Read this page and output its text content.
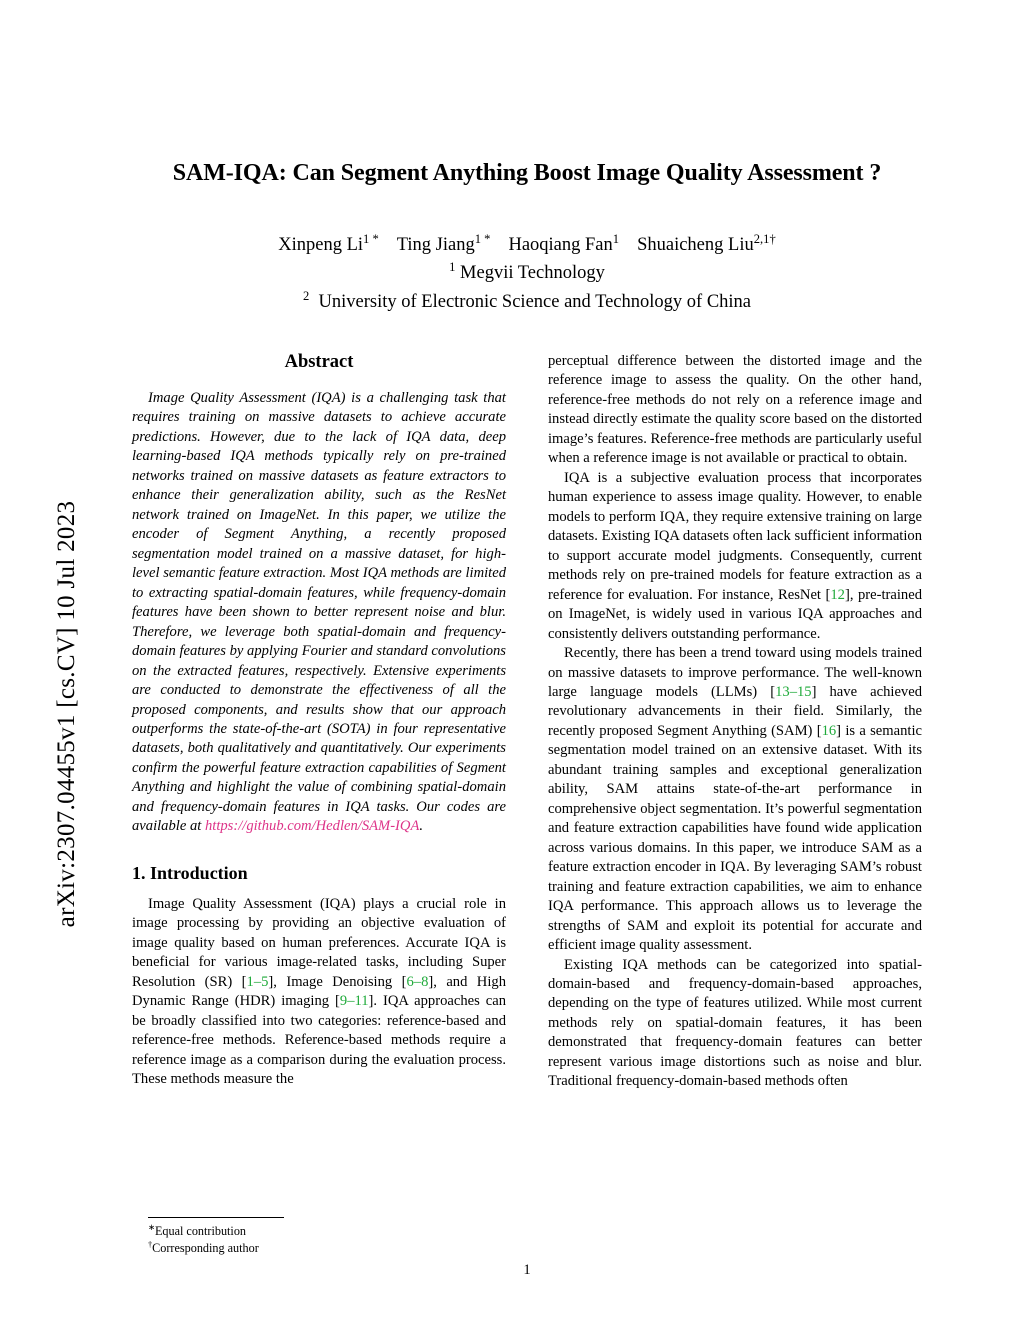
arXiv:2307.04455v1 [cs.CV] 10 Jul 2023
SAM-IQA: Can Segment Anything Boost Image Quality Assessment ?
Xinpeng $Li^{1 *}$ Ting Jiang$^{1 *}$ Haoqiang Fan$^1$ Shuaicheng Liu$^{2,1\dagger}$
$^1$ Megvii Technology
$^2$ University of Electronic Science and Technology of China
Abstract

Image Quality Assessment (IQA) is a challenging task that requires training on massive datasets to achieve accurate predictions. However, due to the lack of IQA data, deep learning-based IQA methods typically rely on pre-trained networks trained on massive datasets as feature extractors to enhance their generalization ability, such as the ResNet network trained on ImageNet. In this paper, we utilize the encoder of Segment Anything, a recently proposed segmentation model trained on a massive dataset, for high-level semantic feature extraction. Most IQA methods are limited to extracting spatial-domain features, while frequency-domain features have been shown to better represent noise and blur. Therefore, we leverage both spatial-domain and frequency-domain features by applying Fourier and standard convolutions on the extracted features, respectively. Extensive experiments are conducted to demonstrate the effectiveness of all the proposed components, and results show that our approach outperforms the state-of-the-art (SOTA) in four representative datasets, both qualitatively and quantitatively. Our experiments confirm the powerful feature extraction capabilities of Segment Anything and highlight the value of combining spatial-domain and frequency-domain features in IQA tasks. Our codes are available at https://github.com/Hedlen/SAM-IQA.

1. Introduction

Image Quality Assessment (IQA) plays a crucial role in image processing by providing an objective evaluation of image quality based on human preferences. Accurate IQA is beneficial for various image-related tasks, including Super Resolution (SR) [1–5], Image Denoising [6–8], and High Dynamic Range (HDR) imaging [9–11]. IQA approaches can be broadly classified into two categories: reference-based and reference-free methods. Reference-based methods require a reference image as a comparison during the evaluation process. These methods measure the

∗Equal contribution
†Corresponding author

perceptual difference between the distorted image and the reference image to assess the quality. On the other hand, reference-free methods do not rely on a reference image and instead directly estimate the quality score based on the distorted image’s features. Reference-free methods are particularly useful when a reference image is not available or practical to obtain.

IQA is a subjective evaluation process that incorporates human experience to assess image quality. However, to enable models to perform IQA, they require extensive training on large datasets. Existing IQA datasets often lack sufficient information to support accurate model judgments. Consequently, current methods rely on pre-trained models for feature extraction as a reference for evaluation. For instance, ResNet [12], pre-trained on ImageNet, is widely used in various IQA approaches and consistently delivers outstanding performance.

Recently, there has been a trend toward using models trained on massive datasets to improve performance. The well-known large language models (LLMs) [13–15] have achieved revolutionary advancements in their field. Similarly, the recently proposed Segment Anything (SAM) [16] is a semantic segmentation model trained on an extensive dataset. With its abundant training samples and exceptional generalization ability, SAM attains state-of-the-art performance in comprehensive object segmentation. It’s powerful segmentation and feature extraction capabilities have found wide application across various domains. In this paper, we introduce SAM as a feature extraction encoder in IQA. By leveraging SAM’s robust training and feature extraction capabilities, we aim to enhance IQA performance. This approach allows us to leverage the strengths of SAM and exploit its potential for accurate and efficient image quality assessment.

Existing IQA methods can be categorized into spatial-domain-based and frequency-domain-based approaches, depending on the type of features utilized. While most current methods rely on spatial-domain features, it has been demonstrated that frequency-domain features can better represent various image distortions such as noise and blur. Traditional frequency-domain-based methods often

1
